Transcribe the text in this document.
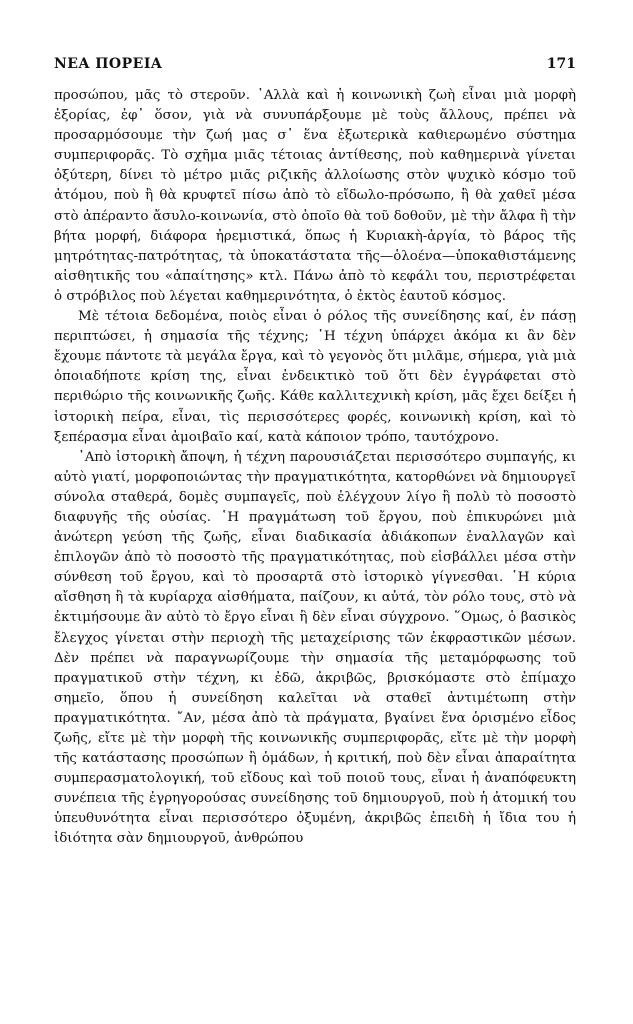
ΝΕΑ ΠΟΡΕΙΑ	171

προσώπου, μᾶς τὸ στεροῦν. ᾿Αλλὰ καὶ ἡ κοινωνικὴ ζωὴ εἶναι μιὰ μορφὴ ἐξορίας, ἐφ᾿ ὅσον, γιὰ νὰ συνυπάρξουμε μὲ τοὺς ἄλλους, πρέπει νὰ προσαρμόσουμε τὴν ζωή μας σ᾿ ἕνα ἐξωτερικὰ καθιερωμένο σύστημα συμπεριφορᾶς. Τὸ σχῆμα μιᾶς τέτοιας ἀντίθεσης, ποὺ καθημερινὰ γίνεται ὀξύτερη, δίνει τὸ μέτρο μιᾶς ριζικῆς ἀλλοίωσης στὸν ψυχικὸ κόσμο τοῦ ἀτόμου, ποὺ ἢ θὰ κρυφτεῖ πίσω ἀπὸ τὸ εἴδωλο-πρόσωπο, ἢ θὰ χαθεῖ μέσα στὸ ἀπέραντο ἄσυλο-κοινωνία, στὸ ὁποῖο θὰ τοῦ δοθοῦν, μὲ τὴν ἄλφα ἢ τὴν βήτα μορφή, διάφορα ἠρεμιστικά, ὅπως ἡ Κυριακὴ-ἀργία, τὸ βάρος τῆς μητρότητας-πατρότητας, τὰ ὑποκατάστατα τῆς—ὁλοένα—ὑποκαθιστάμενης αἰσθητικῆς του «ἀπαίτησης» κτλ. Πάνω ἀπὸ τὸ κεφάλι του, περιστρέφεται ὁ στρόβιλος ποὺ λέγεται καθημερινότητα, ὁ ἐκτὸς ἑαυτοῦ κόσμος.

Μὲ τέτοια δεδομένα, ποιὸς εἶναι ὁ ρόλος τῆς συνείδησης καί, ἐν πάσῃ περιπτώσει, ἡ σημασία τῆς τέχνης; ῾Η τέχνη ὑπάρχει ἀκόμα κι ἂν δὲν ἔχουμε πάντοτε τὰ μεγάλα ἔργα, καὶ τὸ γεγονὸς ὅτι μιλᾶμε, σήμερα, γιὰ μιὰ ὁποιαδήποτε κρίση της, εἶναι ἐνδεικτικὸ τοῦ ὅτι δὲν ἐγγράφεται στὸ περιθώριο τῆς κοινωνικῆς ζωῆς. Κάθε καλλιτεχνικὴ κρίση, μᾶς ἔχει δείξει ἡ ἱστορικὴ πείρα, εἶναι, τὶς περισσότερες φορές, κοινωνικὴ κρίση, καὶ τὸ ξεπέρασμα εἶναι ἀμοιβαῖο καί, κατὰ κάποιον τρόπο, ταυτόχρονο.

᾿Απὸ ἱστορικὴ ἄποψη, ἡ τέχνη παρουσιάζεται περισσότερο συμπαγής, κι αὐτὸ γιατί, μορφοποιώντας τὴν πραγματικότητα, κατορθώνει νὰ δημιουργεῖ σύνολα σταθερά, δομὲς συμπαγεῖς, ποὺ ἐλέγχουν λίγο ἢ πολὺ τὸ ποσοστὸ διαφυγῆς τῆς οὐσίας. ῾Η πραγμάτωση τοῦ ἔργου, ποὺ ἐπικυρώνει μιὰ ἀνώτερη γεύση τῆς ζωῆς, εἶναι διαδικασία ἀδιάκοπων ἐναλλαγῶν καὶ ἐπιλογῶν ἀπὸ τὸ ποσοστὸ τῆς πραγματικότητας, ποὺ εἰσβάλλει μέσα στὴν σύνθεση τοῦ ἔργου, καὶ τὸ προσαρτᾶ στὸ ἱστορικὸ γίγνεσθαι. ῾Η κύρια αἴσθηση ἢ τὰ κυρίαρχα αἰσθήματα, παίζουν, κι αὐτά, τὸν ρόλο τους, στὸ νὰ ἐκτιμήσουμε ἂν αὐτὸ τὸ ἔργο εἶναι ἢ δὲν εἶναι σύγχρονο. ῞Ομως, ὁ βασικὸς ἔλεγχος γίνεται στὴν περιοχὴ τῆς μεταχείρισης τῶν ἐκφραστικῶν μέσων. Δὲν πρέπει νὰ παραγνωρίζουμε τὴν σημασία τῆς μεταμόρφωσης τοῦ πραγματικοῦ στὴν τέχνη, κι ἐδῶ, ἀκριβῶς, βρισκόμαστε στὸ ἐπίμαχο σημεῖο, ὅπου ἡ συνείδηση καλεῖται νὰ σταθεῖ ἀντιμέτωπη στὴν πραγματικότητα. ῎Αν, μέσα ἀπὸ τὰ πράγματα, βγαίνει ἕνα ὁρισμένο εἶδος ζωῆς, εἴτε μὲ τὴν μορφὴ τῆς κοινωνικῆς συμπεριφορᾶς, εἴτε μὲ τὴν μορφὴ τῆς κατάστασης προσώπων ἢ ὁμάδων, ἡ κριτική, ποὺ δὲν εἶναι ἀπαραίτητα συμπερασματολογική, τοῦ εἴδους καὶ τοῦ ποιοῦ τους, εἶναι ἡ ἀναπόφευκτη συνέπεια τῆς ἐγρηγορούσας συνείδησης τοῦ δημιουργοῦ, ποὺ ἡ ἀτομική του ὑπευθυνότητα εἶναι περισσότερο ὀξυμένη, ἀκριβῶς ἐπειδὴ ἡ ἴδια του ἡ ἰδιότητα σὰν δημιουργοῦ, ἀνθρώπου
